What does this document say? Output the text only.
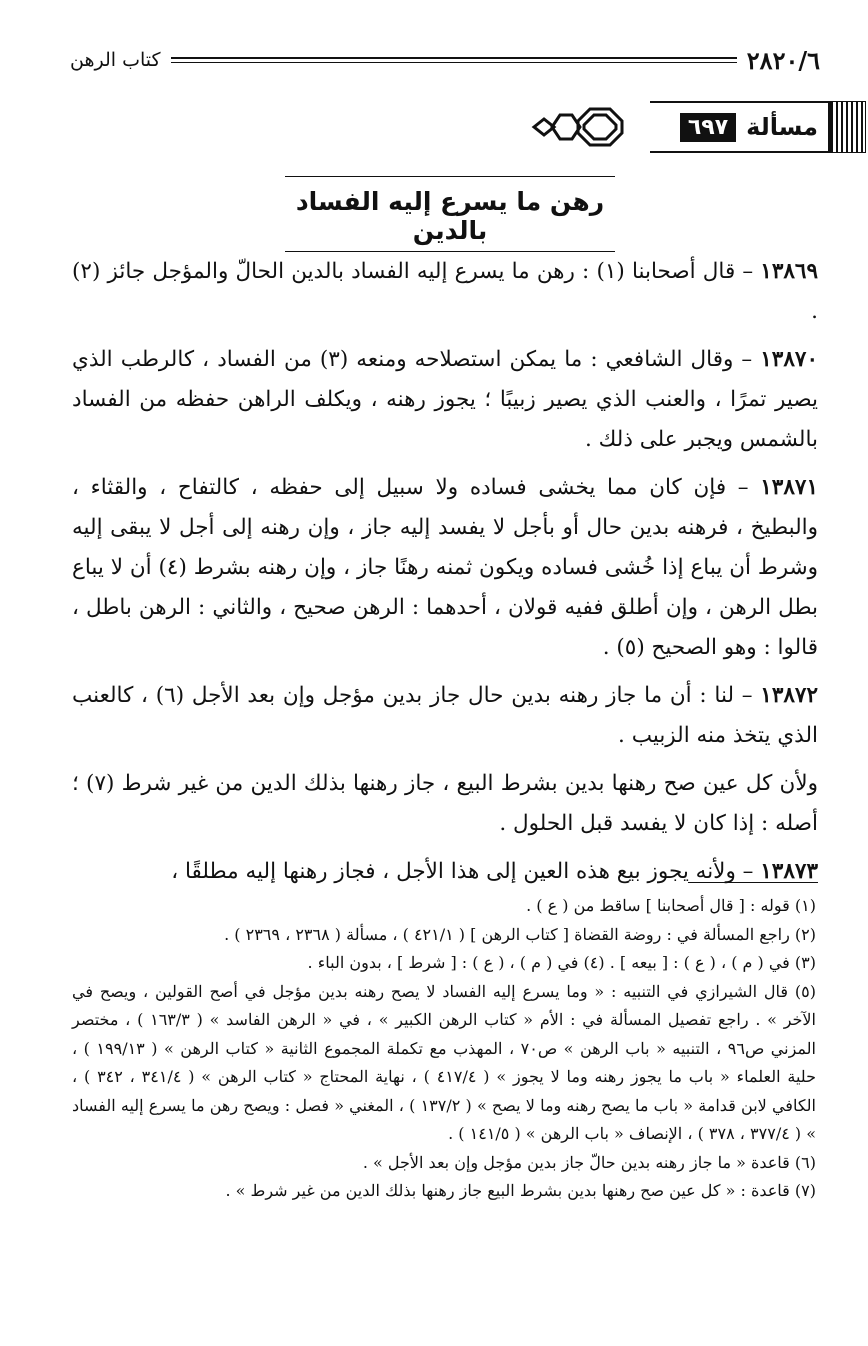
٢٨٢٠/٦
كتاب الرهن
مسألة
٦٩٧
رهن ما يسرع إليه الفساد بالدين

١٣٨٦٩ – قال أصحابنا (١) : رهن ما يسرع إليه الفساد بالدين الحالّ والمؤجل جائز (٢) .

١٣٨٧٠ – وقال الشافعي : ما يمكن استصلاحه ومنعه (٣) من الفساد ، كالرطب الذي يصير تمرًا ، والعنب الذي يصير زبيبًا ؛ يجوز رهنه ، ويكلف الراهن حفظه من الفساد بالشمس ويجبر على ذلك .

١٣٨٧١ – فإن كان مما يخشى فساده ولا سبيل إلى حفظه ، كالتفاح ، والقثاء ، والبطيخ ، فرهنه بدين حال أو بأجل لا يفسد إليه جاز ، وإن رهنه إلى أجل لا يبقى إليه وشرط أن يباع إذا خُشى فساده ويكون ثمنه رهنًا جاز ، وإن رهنه بشرط (٤) أن لا يباع بطل الرهن ، وإن أطلق ففيه قولان ، أحدهما : الرهن صحيح ، والثاني : الرهن باطل ، قالوا : وهو الصحيح (٥) .

١٣٨٧٢ – لنا : أن ما جاز رهنه بدين حال جاز بدين مؤجل وإن بعد الأجل (٦) ، كالعنب الذي يتخذ منه الزبيب .

ولأن كل عين صح رهنها بدين بشرط البيع ، جاز رهنها بذلك الدين من غير شرط (٧) ؛ أصله : إذا كان لا يفسد قبل الحلول .

١٣٨٧٣ – ولأنه يجوز بيع هذه العين إلى هذا الأجل ، فجاز رهنها إليه مطلقًا ،

(١) قوله : [ قال أصحابنا ] ساقط من ( ع ) .

(٢) راجع المسألة في : روضة القضاة [ كتاب الرهن ] ( ٤٢١/١ ) ، مسألة ( ٢٣٦٨ ، ٢٣٦٩ ) .

(٣) في ( م ) ، ( ع ) : [ بيعه ] . (٤) في ( م ) ، ( ع ) : [ شرط ] ، بدون الباء .

(٥) قال الشيرازي في التنبيه : « وما يسرع إليه الفساد لا يصح رهنه بدين مؤجل في أصح القولين ، ويصح في الآخر » . راجع تفصيل المسألة في : الأم « كتاب الرهن الكبير » ، في « الرهن الفاسد » ( ١٦٣/٣ ) ، مختصر المزني ص٩٦ ، التنبيه « باب الرهن » ص٧٠ ، المهذب مع تكملة المجموع الثانية « كتاب الرهن » ( ١٩٩/١٣ ) ، حلية العلماء « باب ما يجوز رهنه وما لا يجوز » ( ٤١٧/٤ ) ، نهاية المحتاج « كتاب الرهن » ( ٣٤١/٤ ، ٣٤٢ ) ، الكافي لابن قدامة « باب ما يصح رهنه وما لا يصح » ( ١٣٧/٢ ) ، المغني « فصل : ويصح رهن ما يسرع إليه الفساد » ( ٣٧٧/٤ ، ٣٧٨ ) ، الإنصاف « باب الرهن » ( ١٤١/٥ ) .

(٦) قاعدة « ما جاز رهنه بدين حالّ جاز بدين مؤجل وإن بعد الأجل » .

(٧) قاعدة : « كل عين صح رهنها بدين بشرط البيع جاز رهنها بذلك الدين من غير شرط » .
